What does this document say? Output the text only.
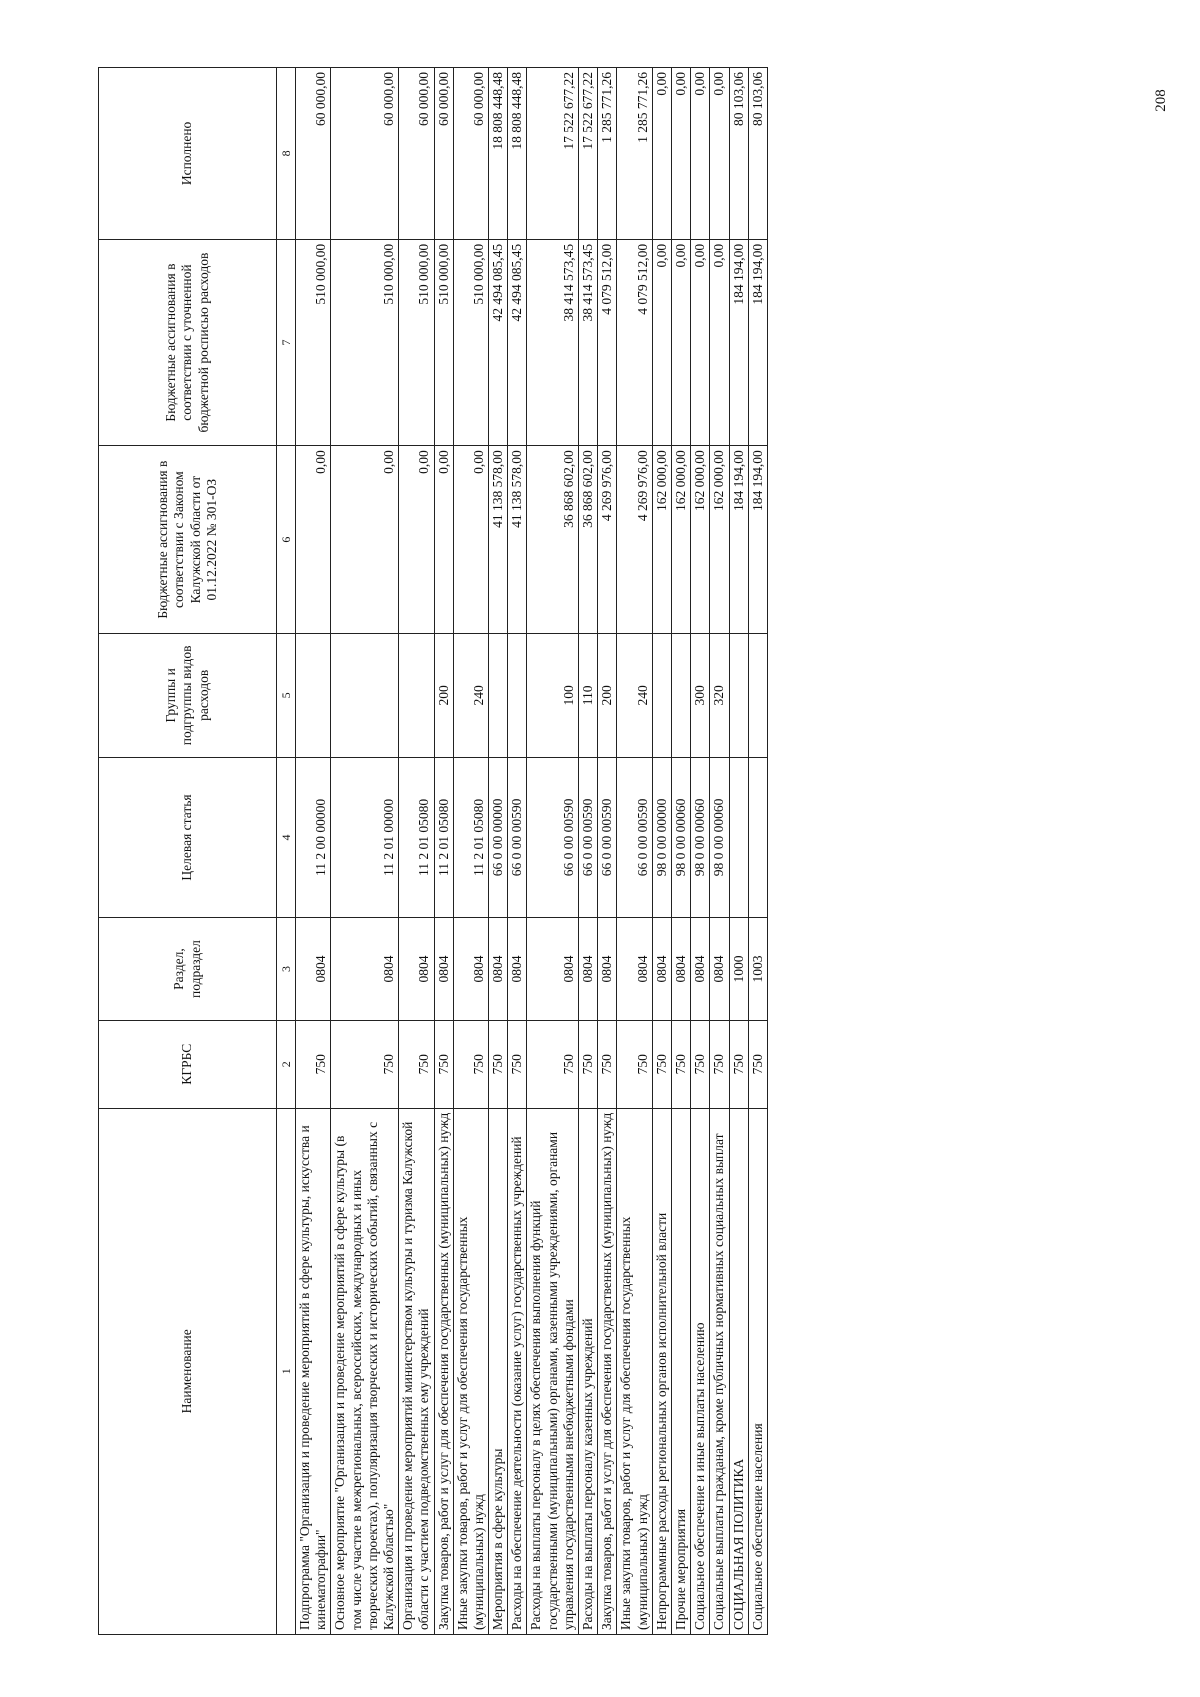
208
Наименование	КГРБС	Раздел, подраздел	Целевая статья	Группы и подгруппы видов расходов	Бюджетные ассигнования в соответствии с Законом Калужской области от 01.12.2022 № 301-ОЗ	Бюджетные ассигнования в соответствии с уточненной бюджетной росписью расходов	Исполнено
1	2	3	4	5	6	7	8
Подпрограмма "Организация и проведение мероприятий в сфере культуры, искусства и кинематографии"	750	0804	11 2 00 00000		0,00	510 000,00	60 000,00
Основное мероприятие "Организация и проведение мероприятий в сфере культуры (в том числе участие в межрегиональных, всероссийских, международных и иных творческих проектах), популяризация творческих и исторических событий, связанных с Калужской областью"	750	0804	11 2 01 00000		0,00	510 000,00	60 000,00
Организация и проведение мероприятий министерством культуры и туризма Калужской области с участием подведомственных ему учреждений	750	0804	11 2 01 05080		0,00	510 000,00	60 000,00
Закупка товаров, работ и услуг для обеспечения государственных (муниципальных) нужд	750	0804	11 2 01 05080	200	0,00	510 000,00	60 000,00
Иные закупки товаров, работ и услуг для обеспечения государственных (муниципальных) нужд	750	0804	11 2 01 05080	240	0,00	510 000,00	60 000,00
Мероприятия в сфере культуры	750	0804	66 0 00 00000		41 138 578,00	42 494 085,45	18 808 448,48
Расходы на обеспечение деятельности (оказание услуг) государственных учреждений	750	0804	66 0 00 00590		41 138 578,00	42 494 085,45	18 808 448,48
Расходы на выплаты персоналу в целях обеспечения выполнения функций государственными (муниципальными) органами, казенными учреждениями, органами управления государственными внебюджетными фондами	750	0804	66 0 00 00590	100	36 868 602,00	38 414 573,45	17 522 677,22
Расходы на выплаты персоналу казенных учреждений	750	0804	66 0 00 00590	110	36 868 602,00	38 414 573,45	17 522 677,22
Закупка товаров, работ и услуг для обеспечения государственных (муниципальных) нужд	750	0804	66 0 00 00590	200	4 269 976,00	4 079 512,00	1 285 771,26
Иные закупки товаров, работ и услуг для обеспечения государственных (муниципальных) нужд	750	0804	66 0 00 00590	240	4 269 976,00	4 079 512,00	1 285 771,26
Непрограммные расходы региональных органов исполнительной власти	750	0804	98 0 00 00000		162 000,00	0,00	0,00
Прочие мероприятия	750	0804	98 0 00 00060		162 000,00	0,00	0,00
Социальное обеспечение и иные выплаты населению	750	0804	98 0 00 00060	300	162 000,00	0,00	0,00
Социальные выплаты гражданам, кроме публичных нормативных социальных выплат	750	0804	98 0 00 00060	320	162 000,00	0,00	0,00
СОЦИАЛЬНАЯ ПОЛИТИКА	750	1000			184 194,00	184 194,00	80 103,06
Социальное обеспечение населения	750	1003			184 194,00	184 194,00	80 103,06
